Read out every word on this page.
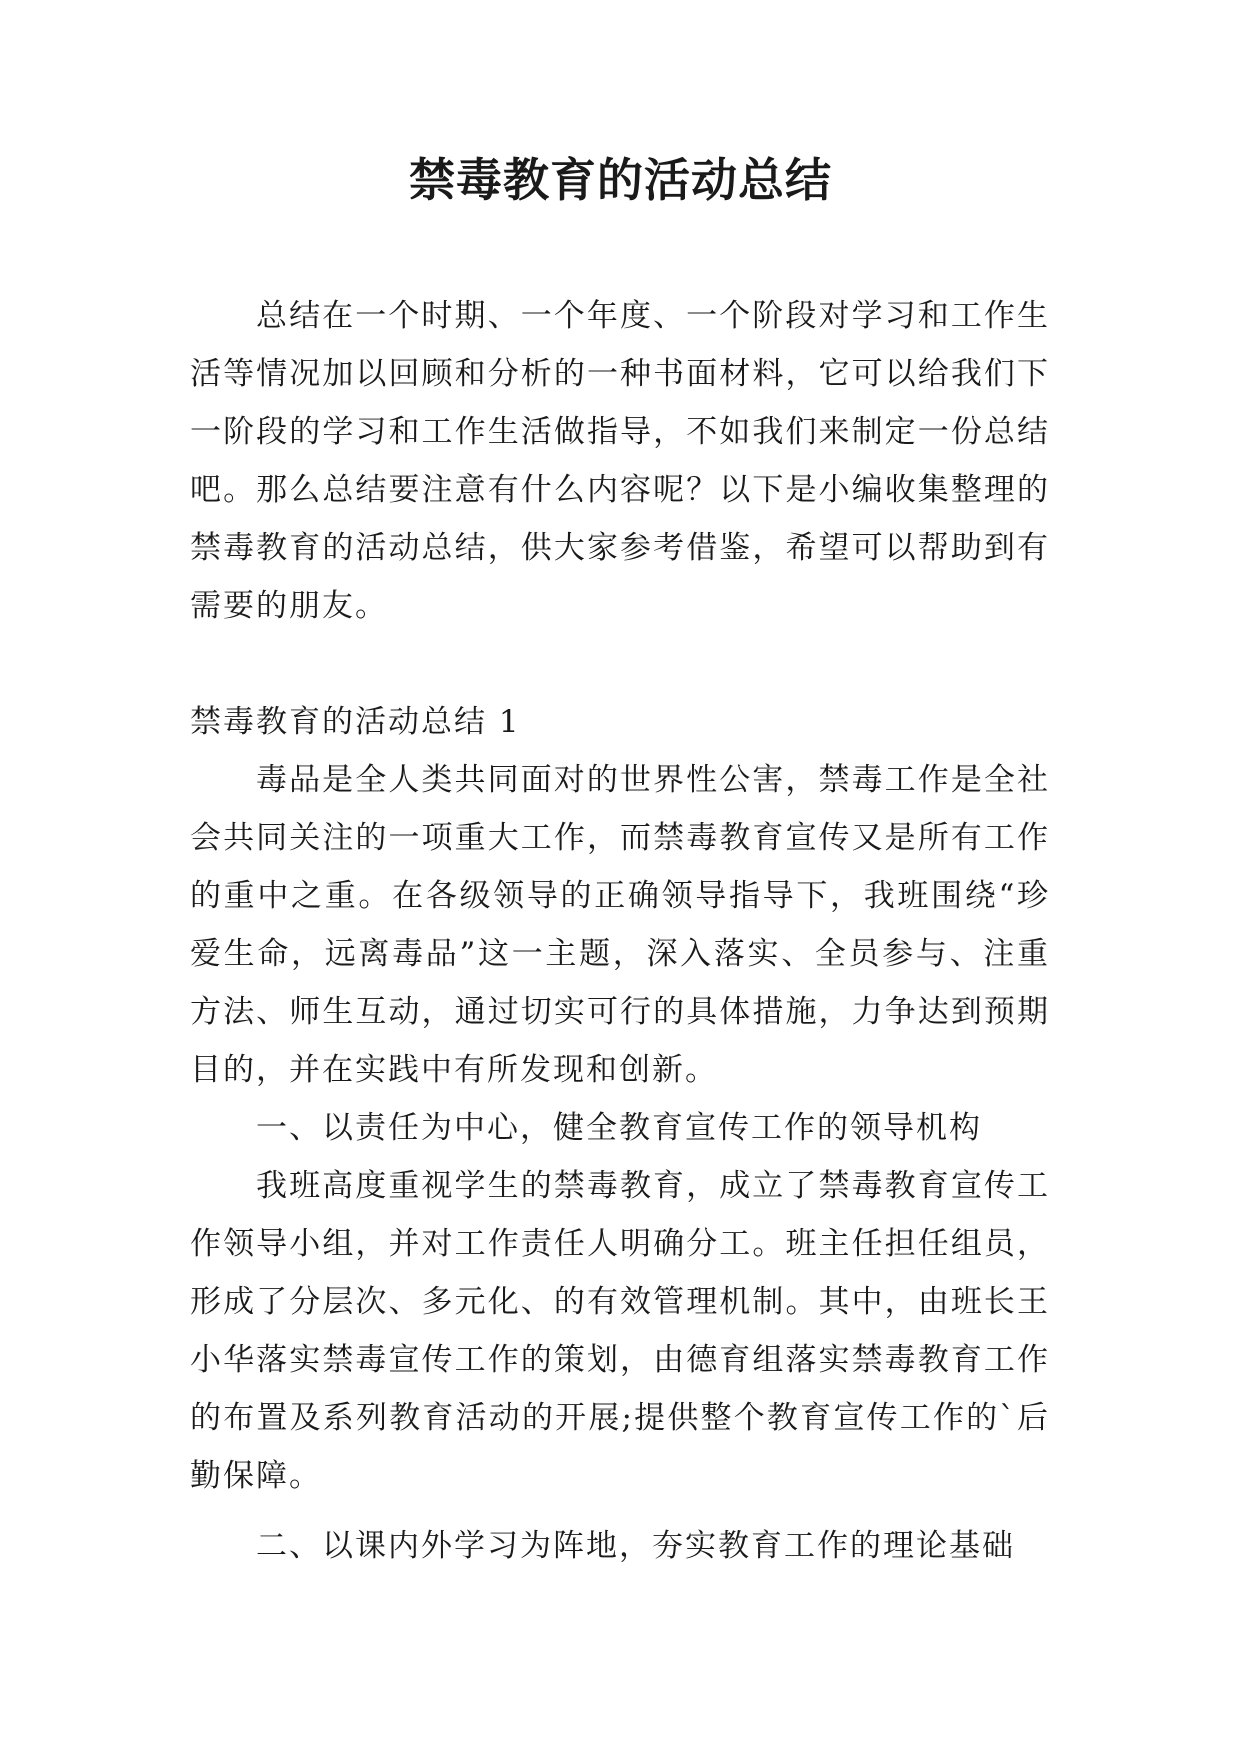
禁毒教育的活动总结

总结在一个时期、一个年度、一个阶段对学习和工作生活等情况加以回顾和分析的一种书面材料，它可以给我们下一阶段的学习和工作生活做指导，不如我们来制定一份总结吧。那么总结要注意有什么内容呢？以下是小编收集整理的禁毒教育的活动总结，供大家参考借鉴，希望可以帮助到有需要的朋友。

禁毒教育的活动总结 1

毒品是全人类共同面对的世界性公害，禁毒工作是全社会共同关注的一项重大工作，而禁毒教育宣传又是所有工作的重中之重。在各级领导的正确领导指导下，我班围绕“珍爱生命，远离毒品”这一主题，深入落实、全员参与、注重方法、师生互动，通过切实可行的具体措施，力争达到预期目的，并在实践中有所发现和创新。

一、以责任为中心，健全教育宣传工作的领导机构

我班高度重视学生的禁毒教育，成立了禁毒教育宣传工作领导小组，并对工作责任人明确分工。班主任担任组员，形成了分层次、多元化、的有效管理机制。其中，由班长王小华落实禁毒宣传工作的策划，由德育组落实禁毒教育工作的布置及系列教育活动的开展;提供整个教育宣传工作的`后勤保障。

二、以课内外学习为阵地，夯实教育工作的理论基础
